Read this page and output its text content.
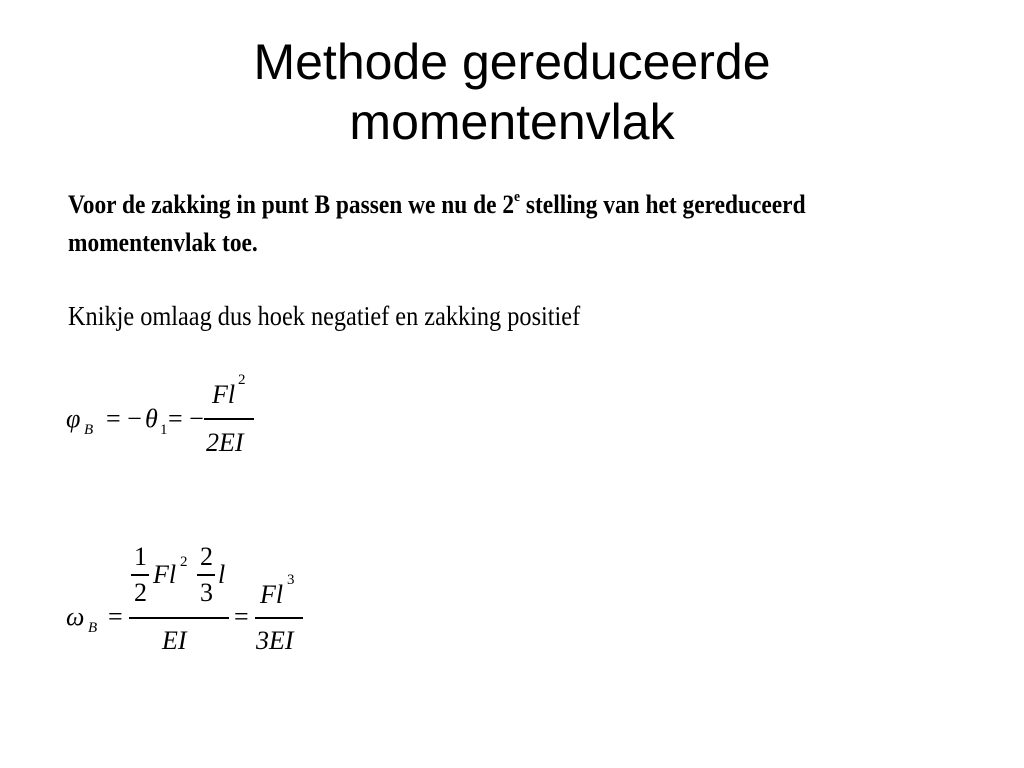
Methode gereduceerde
momentenvlak
Voor de zakking in punt B passen we nu de 2e stelling van het gereduceerd momentenvlak toe.
Knikje omlaag dus hoek negatief en zakking positief
φ B = − θ 1 = −
Fl 2
2EI
ω B =
1
2
Fl 2 2
3
l
EI
=
Fl 3
3EI
